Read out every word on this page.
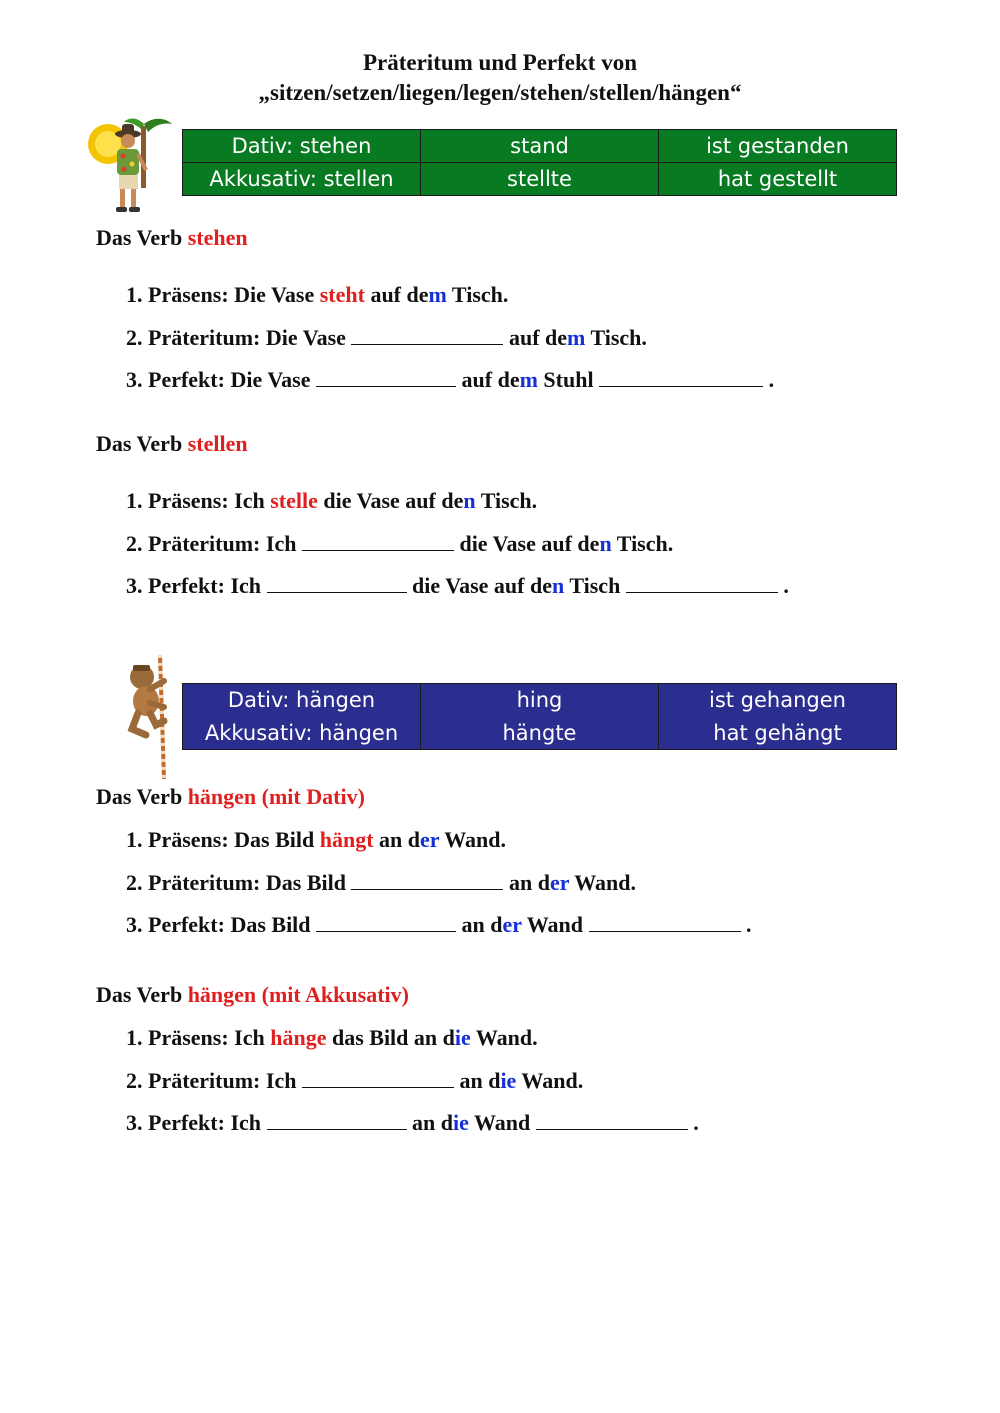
Präteritum und Perfekt von
„sitzen/setzen/liegen/legen/stehen/stellen/hängen“
Dativ: stehen	stand	ist gestanden
Akkusativ: stellen	stellte	hat gestellt
Das Verb stehen
1. Präsens: Die Vase steht auf dem Tisch.
2. Präteritum: Die Vase	auf dem Tisch.
3. Perfekt: Die Vase	auf dem Stuhl	.
Das Verb stellen
1. Präsens: Ich stelle die Vase auf den Tisch.
2. Präteritum: Ich	die Vase auf den Tisch.
3. Perfekt: Ich	die Vase auf den Tisch	.
Dativ: hängen	hing	ist gehangen
Akkusativ: hängen	hängte	hat gehängt
Das Verb hängen (mit Dativ)
1. Präsens: Das Bild hängt an der Wand.
2. Präteritum: Das Bild	an der Wand.
3. Perfekt: Das Bild	an der Wand	.
Das Verb hängen (mit Akkusativ)
1. Präsens: Ich hänge das Bild an die Wand.
2. Präteritum: Ich	an die Wand.
3. Perfekt: Ich	an die Wand	.
